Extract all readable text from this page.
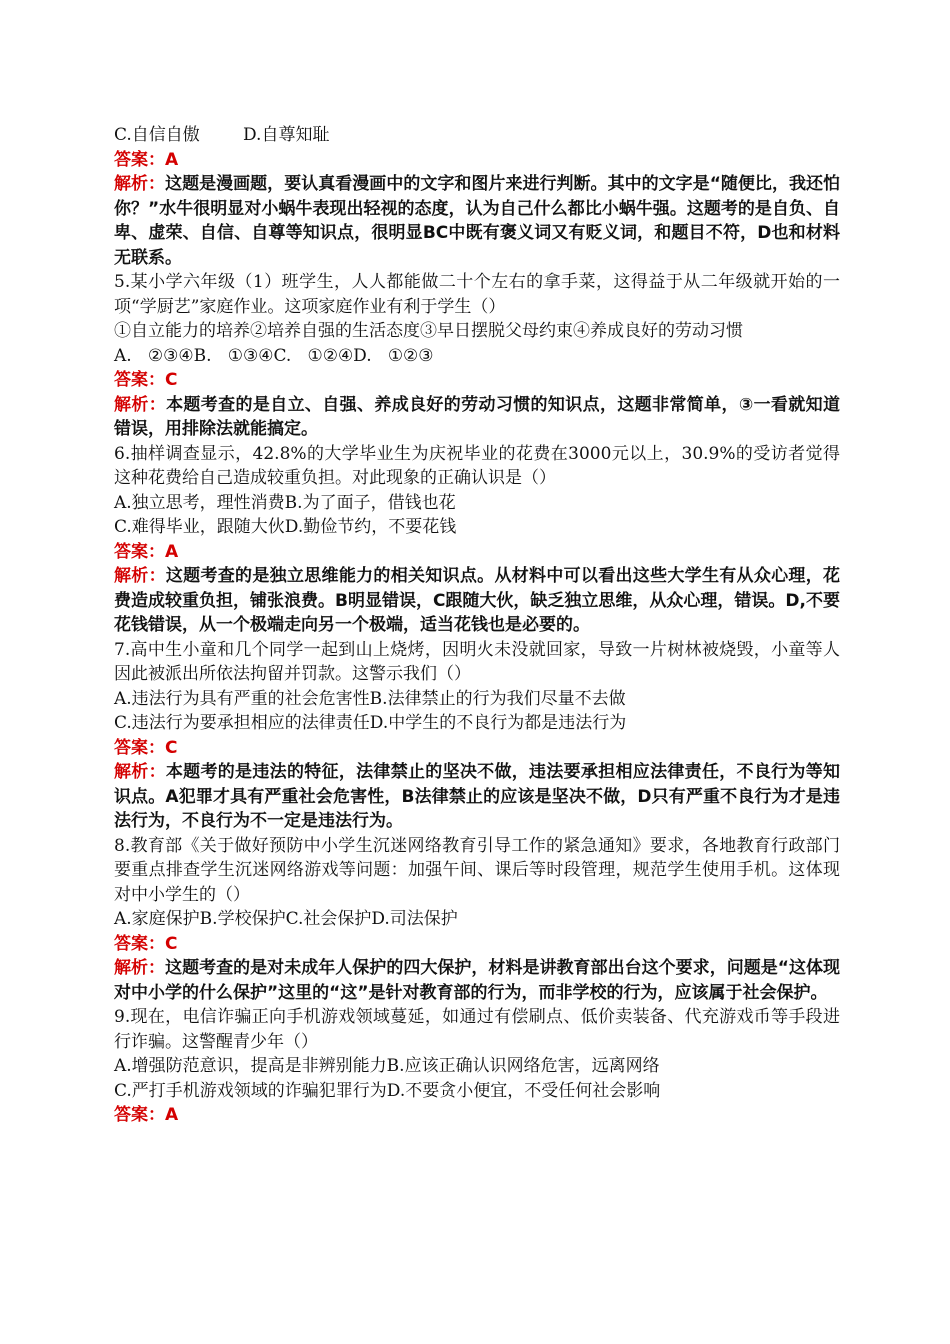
C.自信自傲        D.自尊知耻
答案：A
解析：这题是漫画题，要认真看漫画中的文字和图片来进行判断。其中的文字是“随便比，我还怕你？”水牛很明显对小蜗牛表现出轻视的态度，认为自己什么都比小蜗牛强。这题考的是自负、自卑、虚荣、自信、自尊等知识点，很明显BC中既有褒义词又有贬义词，和题目不符，D也和材料无联系。
5.某小学六年级（1）班学生，人人都能做二十个左右的拿手菜，这得益于从二年级就开始的一项“学厨艺”家庭作业。这项家庭作业有利于学生（）
①自立能力的培养②培养自强的生活态度③早日摆脱父母约束④养成良好的劳动习惯
A.   ②③④B.   ①③④C.   ①②④D.   ①②③
答案：C
解析：本题考查的是自立、自强、养成良好的劳动习惯的知识点，这题非常简单，③一看就知道错误，用排除法就能搞定。
6.抽样调查显示，42.8%的大学毕业生为庆祝毕业的花费在3000元以上，30.9%的受访者觉得这种花费给自己造成较重负担。对此现象的正确认识是（）
A.独立思考，理性消费B.为了面子，借钱也花
C.难得毕业，跟随大伙D.勤俭节约，不要花钱
答案：A
解析：这题考查的是独立思维能力的相关知识点。从材料中可以看出这些大学生有从众心理，花费造成较重负担，铺张浪费。B明显错误，C跟随大伙，缺乏独立思维，从众心理，错误。D,不要花钱错误，从一个极端走向另一个极端，适当花钱也是必要的。
7.高中生小童和几个同学一起到山上烧烤，因明火未没就回家，导致一片树林被烧毁，小童等人因此被派出所依法拘留并罚款。这警示我们（）
A.违法行为具有严重的社会危害性B.法律禁止的行为我们尽量不去做
C.违法行为要承担相应的法律责任D.中学生的不良行为都是违法行为
答案：C
解析：本题考的是违法的特征，法律禁止的坚决不做，违法要承担相应法律责任，不良行为等知识点。A犯罪才具有严重社会危害性，B法律禁止的应该是坚决不做，D只有严重不良行为才是违法行为，不良行为不一定是违法行为。
8.教育部《关于做好预防中小学生沉迷网络教育引导工作的紧急通知》要求，各地教育行政部门要重点排查学生沉迷网络游戏等问题：加强午间、课后等时段管理，规范学生使用手机。这体现对中小学生的（）
A.家庭保护B.学校保护C.社会保护D.司法保护
答案：C
解析：这题考查的是对未成年人保护的四大保护，材料是讲教育部出台这个要求，问题是“这体现对中小学的什么保护”这里的“这”是针对教育部的行为，而非学校的行为，应该属于社会保护。
9.现在，电信诈骗正向手机游戏领域蔓延，如通过有偿刷点、低价卖装备、代充游戏币等手段进行诈骗。这警醒青少年（）
A.增强防范意识，提高是非辨别能力B.应该正确认识网络危害，远离网络
C.严打手机游戏领域的诈骗犯罪行为D.不要贪小便宜，不受任何社会影响
答案：A
